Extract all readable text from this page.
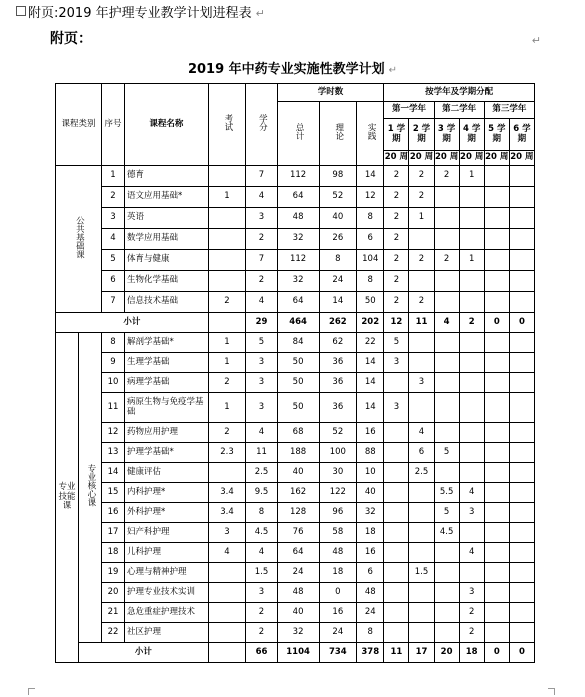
附页:2019 年护理专业教学计划进程表 ↵
附页：	↵
2019 年中药专业实施性教学计划 ↵
课程类别		序号	课程名称	考试	学分	学时数			按学年及学期分配					
						总计	理论	实践	第一学年		第二学年		第三学年	
									1 学期	2 学期	3 学期	4 学期	5 学期	6 学期
									20 周	20 周	20 周	20 周	20 周	20 周
公共基础课		1	德育		7	112	98	14	2	2	2	1		
		2	语文应用基础*	1	4	64	52	12	2	2				
		3	英语		3	48	40	8	2	1				
		4	数学应用基础		2	32	26	6	2					
		5	体育与健康		7	112	8	104	2	2	2	1		
		6	生物化学基础		2	32	24	8	2					
		7	信息技术基础	2	4	64	14	50	2	2				
小计					29	464	262	202	12	11	4	2	0	0
专业技能课	专业核心课	8	解剖学基础*	1	5	84	62	22	5					
		9	生理学基础	1	3	50	36	14	3					
		10	病理学基础	2	3	50	36	14		3				
		11	病原生物与免疫学基础	1	3	50	36	14	3					
		12	药物应用护理	2	4	68	52	16		4				
		13	护理学基础*	2.3	11	188	100	88		6	5			
		14	健康评估		2.5	40	30	10		2.5				
		15	内科护理*	3.4	9.5	162	122	40			5.5	4		
		16	外科护理*	3.4	8	128	96	32			5	3		
		17	妇产科护理	3	4.5	76	58	18			4.5			
		18	儿科护理	4	4	64	48	16				4		
		19	心理与精神护理		1.5	24	18	6		1.5				
		20	护理专业技术实训		3	48	0	48				3		
		21	急危重症护理技术		2	40	16	24				2		
		22	社区护理		2	32	24	8				2		
	小计				66	1104	734	378	11	17	20	18	0	0
